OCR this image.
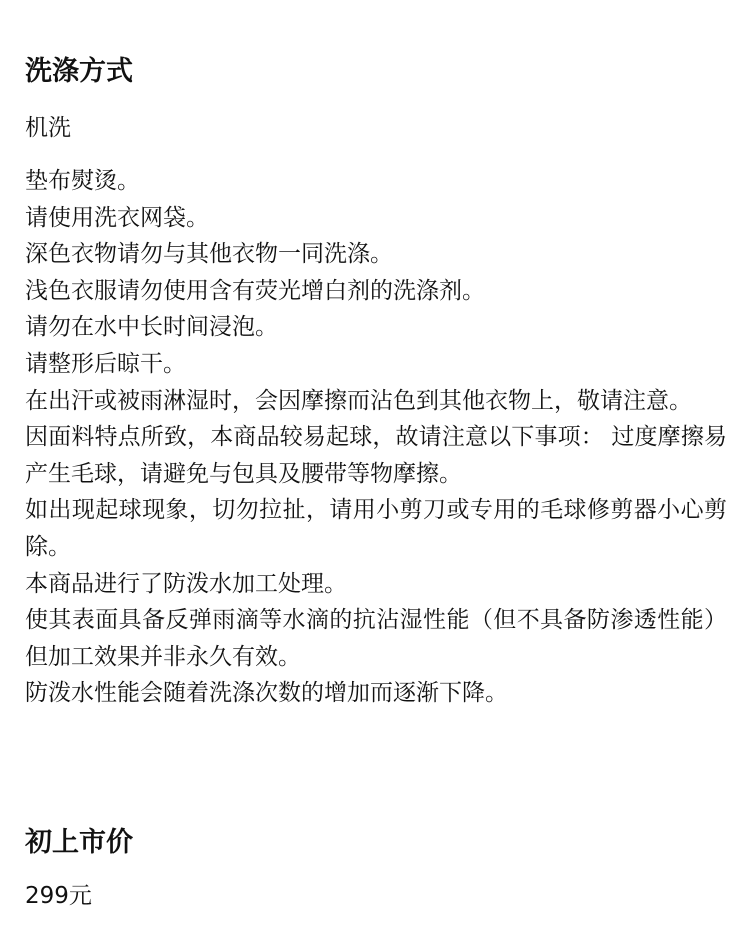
洗涤方式
机洗
垫布熨烫。
请使用洗衣网袋。
深色衣物请勿与其他衣物一同洗涤。
浅色衣服请勿使用含有荧光增白剂的洗涤剂。
请勿在水中长时间浸泡。
请整形后晾干。
在出汗或被雨淋湿时，会因摩擦而沾色到其他衣物上，敬请注意。
因面料特点所致，本商品较易起球，故请注意以下事项： 过度摩擦易产生毛球，请避免与包具及腰带等物摩擦。
如出现起球现象，切勿拉扯，请用小剪刀或专用的毛球修剪器小心剪除。
本商品进行了防泼水加工处理。
使其表面具备反弹雨滴等水滴的抗沾湿性能（但不具备防渗透性能）但加工效果并非永久有效。
防泼水性能会随着洗涤次数的增加而逐渐下降。
初上市价
299元
